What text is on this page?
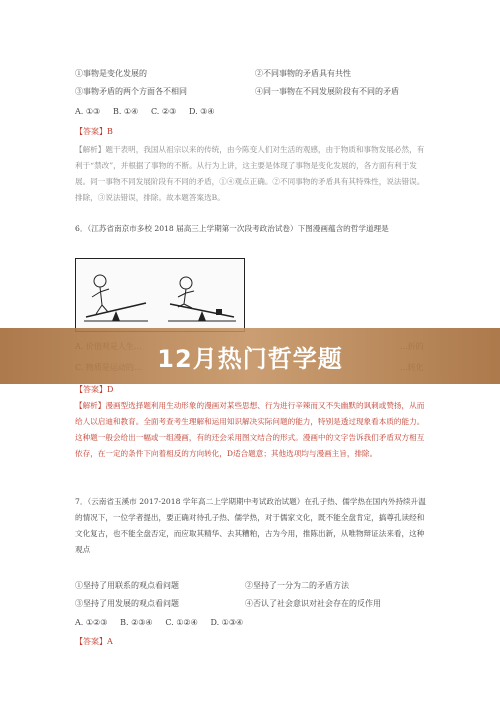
①事物是变化发展的	②不同事物的矛盾具有共性
③事物矛盾的两个方面各不相同	④同一事物在不同发展阶段有不同的矛盾
A. ①③ B. ①④ C. ②③ D. ③④
【答案】B
【解析】题干表明，我国从祖宗以来的传统，由今陈变人们对生活的观感，由于物质和事物发展必然，有利于“禁改”，并根据了事物的不断。从行为上讲，这主要是体现了事物是变化发展的，各方面有利于发展。同一事物不同发展阶段有不同的矛盾，①④观点正确。②不同事物的矛盾具有其特殊性，说法错误。排除，③说法错误，排除。故本题答案选B。
6．（江苏省南京市多校 2018 届高三上学期第一次段考政治试卷）下图漫画蕴含的哲学道理是
12月热门哲学题
【答案】D
【解析】漫画型选择题利用生动形象的漫画对某些思想、行为进行辛辣而又不失幽默的讽刺或赞扬，从而给人以启迪和教育。全面考查考生理解和运用知识解决实际问题的能力，特别是透过现象看本质的能力。这种题一般会给出一幅或一组漫画，有的还会采用图文结合的形式。漫画中的文字告诉我们矛盾双方相互依存，在一定的条件下向着相反的方向转化，D适合题意；其他选项均与漫画主旨，排除。
7．（云南省玉溪市 2017-2018 学年高二上学期期中考试政治试题）在孔子热、儒学热在国内外持续升温的情况下，一位学者提出，要正确对待孔子热、儒学热，对于儒家文化，既不能全盘肯定，搞尊孔读经和文化复古，也不能全盘否定，而应取其精华、去其糟粕，古为今用，推陈出新，从唯物辩证法来看，这种观点
①坚持了用联系的观点看问题	②坚持了一分为二的矛盾方法
③坚持了用发展的观点看问题	④否认了社会意识对社会存在的反作用
A. ①②③ B. ②③④ C. ①②④ D. ①③④
【答案】A
